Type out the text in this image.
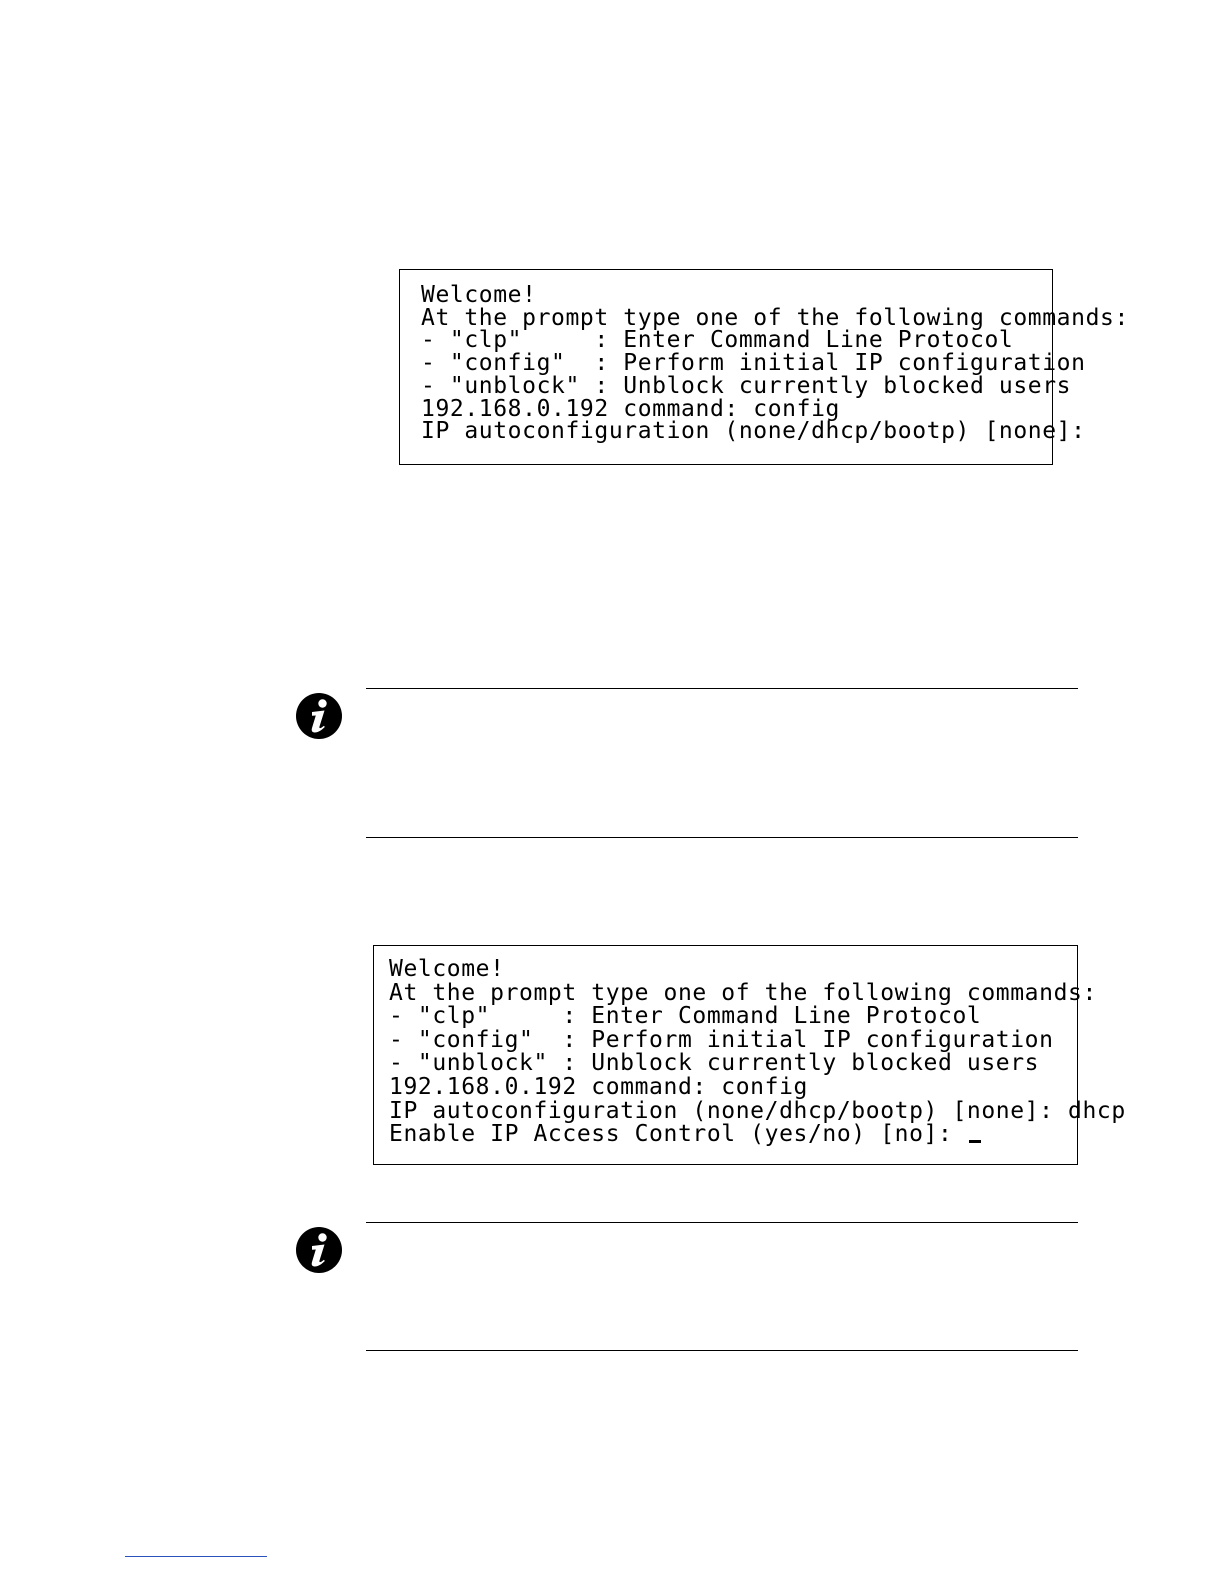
Welcome!
At the prompt type one of the following commands:
- "clp"     : Enter Command Line Protocol
- "config"  : Perform initial IP configuration
- "unblock" : Unblock currently blocked users
192.168.0.192 command: config
IP autoconfiguration (none/dhcp/bootp) [none]:
Welcome!
At the prompt type one of the following commands:
- "clp"     : Enter Command Line Protocol
- "config"  : Perform initial IP configuration
- "unblock" : Unblock currently blocked users
192.168.0.192 command: config
IP autoconfiguration (none/dhcp/bootp) [none]: dhcp
Enable IP Access Control (yes/no) [no]:
